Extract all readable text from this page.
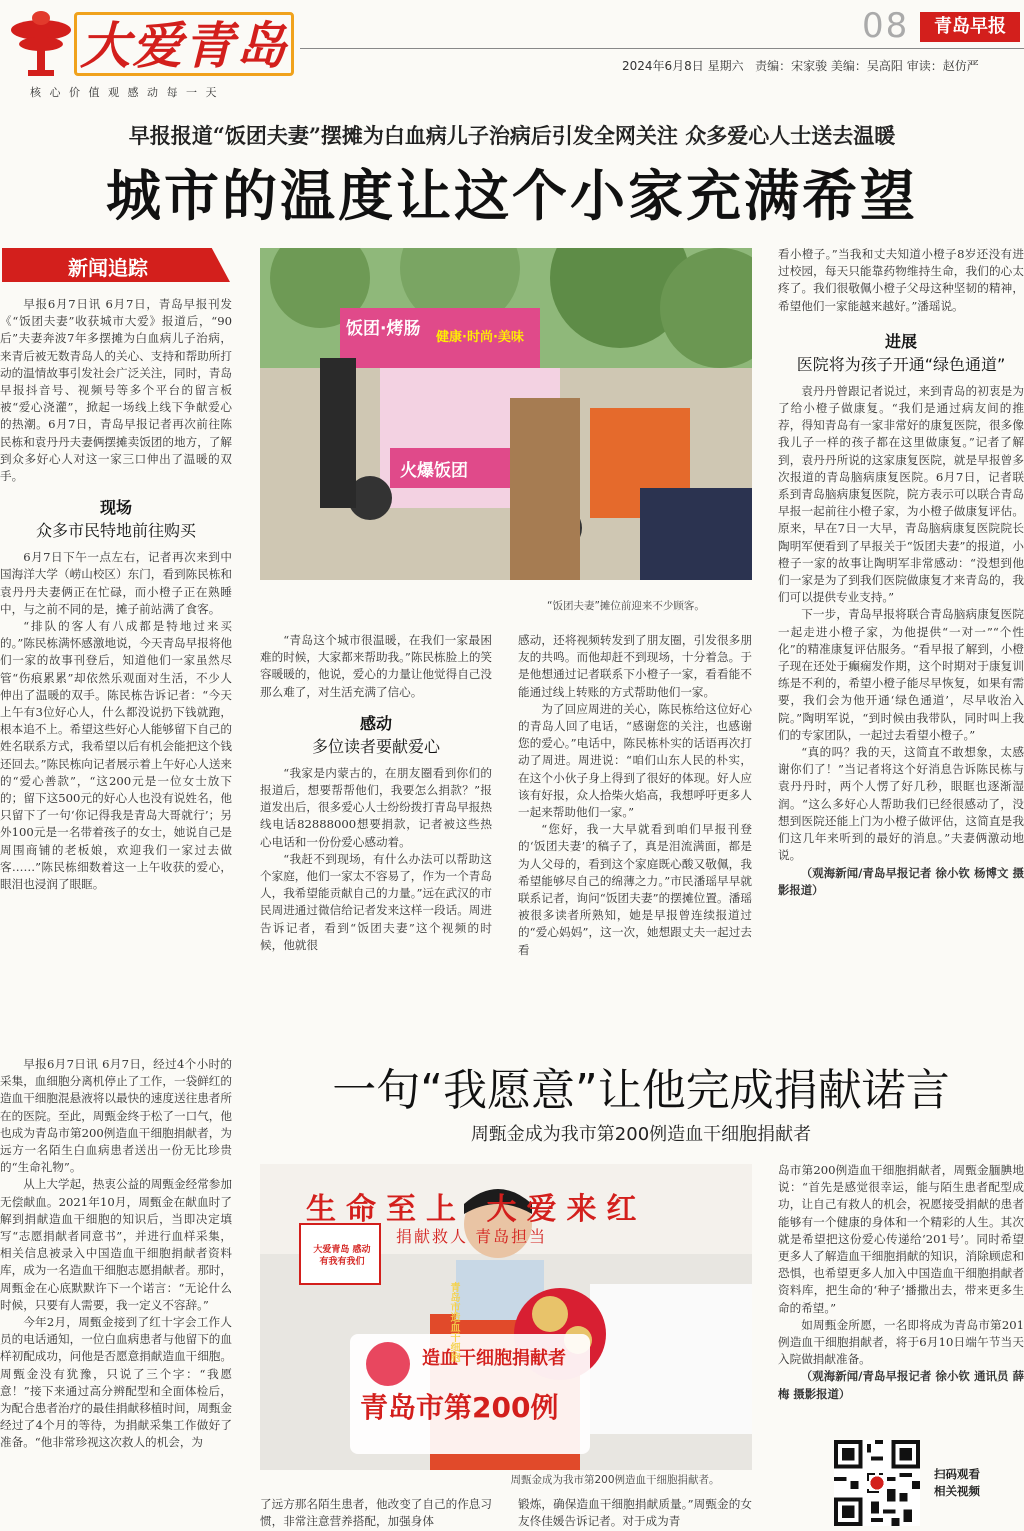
大爱青岛
核心价值观感动每一天
08	青岛早报
2024年6月8日 星期六 责编：宋家骏 美编：吴高阳 审读：赵仿严
早报报道“饭团夫妻”摆摊为白血病儿子治病后引发全网关注 众多爱心人士送去温暖
城市的温度让这个小家充满希望
新闻追踪

早报6月7日讯 6月7日，青岛早报刊发《“饭团夫妻”收获城市大爱》报道后，“90后”夫妻奔波7年多摆摊为白血病儿子治病，来青后被无数青岛人的关心、支持和帮助所打动的温情故事引发社会广泛关注，同时，青岛早报抖音号、视频号等多个平台的留言板被“爱心浇灌”，掀起一场线上线下争献爱心的热潮。6月7日，青岛早报记者再次前往陈民栋和袁丹丹夫妻俩摆摊卖饭团的地方，了解到众多好心人对这一家三口伸出了温暖的双手。

现场
众多市民特地前往购买

6月7日下午一点左右，记者再次来到中国海洋大学（崂山校区）东门，看到陈民栋和袁丹丹夫妻俩正在忙碌，而小橙子正在熟睡中，与之前不同的是，摊子前站满了食客。

“排队的客人有八成都是特地过来买的。”陈民栋满怀感激地说，今天青岛早报将他们一家的故事刊登后，知道他们一家虽然尽管“伤痕累累”却依然乐观面对生活，不少人伸出了温暖的双手。陈民栋告诉记者：“今天上午有3位好心人，什么都没说扔下钱就跑，根本追不上。希望这些好心人能够留下自己的姓名联系方式，我希望以后有机会能把这个钱还回去。”陈民栋向记者展示着上午好心人送来的“爱心善款”，“这200元是一位女士放下的；留下这500元的好心人也没有说姓名，他只留下了一句‘你记得我是青岛大哥就行’；另外100元是一名带着孩子的女士，她说自己是周围商铺的老板娘，欢迎我们一家过去做客……”陈民栋细数着这一上午收获的爱心，眼泪也浸润了眼眶。

饭团·烤肠 健康·时尚·美味
火爆饭团
“饭团夫妻”摊位前迎来不少顾客。

“青岛这个城市很温暖，在我们一家最困难的时候，大家都来帮助我。”陈民栋脸上的笑容暖暖的，他说，爱心的力量让他觉得自己没那么难了，对生活充满了信心。

感动
多位读者要献爱心

“我家是内蒙古的，在朋友圈看到你们的报道后，想要帮帮他们，我要怎么捐款？”报道发出后，很多爱心人士纷纷拨打青岛早报热线电话82888000想要捐款，记者被这些热心电话和一份份爱心感动着。

“我赶不到现场，有什么办法可以帮助这个家庭，他们一家太不容易了，作为一个青岛人，我希望能贡献自己的力量。”远在武汉的市民周进通过微信给记者发来这样一段话。周进告诉记者，看到“饭团夫妻”这个视频的时候，他就很

感动，还将视频转发到了朋友圈，引发很多朋友的共鸣。而他却赶不到现场，十分着急。于是他想通过记者联系下小橙子一家，看看能不能通过线上转账的方式帮助他们一家。

为了回应周进的关心，陈民栋给这位好心的青岛人回了电话，“感谢您的关注，也感谢您的爱心。”电话中，陈民栋朴实的话语再次打动了周进。周进说：“咱们山东人民的朴实，在这个小伙子身上得到了很好的体现。好人应该有好报，众人拾柴火焰高，我想呼吁更多人一起来帮助他们一家。”

“您好，我一大早就看到咱们早报刊登的‘饭团夫妻’的稿子了，真是泪流满面，都是为人父母的，看到这个家庭既心酸又敬佩，我希望能够尽自己的绵薄之力。”市民潘瑶早早就联系记者，询问“饭团夫妻”的摆摊位置。潘瑶被很多读者所熟知，她是早报曾连续报道过的“爱心妈妈”，这一次，她想跟丈夫一起过去看

看小橙子。”当我和丈夫知道小橙子8岁还没有进过校园，每天只能靠药物维持生命，我们的心太疼了。我们很敬佩小橙子父母这种坚韧的精神，希望他们一家能越来越好。”潘瑶说。

进展
医院将为孩子开通“绿色通道”

袁丹丹曾跟记者说过，来到青岛的初衷是为了给小橙子做康复。“我们是通过病友间的推荐，得知青岛有一家非常好的康复医院，很多像我儿子一样的孩子都在这里做康复。”记者了解到，袁丹丹所说的这家康复医院，就是早报曾多次报道的青岛脑病康复医院。6月7日，记者联系到青岛脑病康复医院，院方表示可以联合青岛早报一起前往小橙子家，为小橙子做康复评估。原来，早在7日一大早，青岛脑病康复医院院长陶明军便看到了早报关于“饭团夫妻”的报道，小橙子一家的故事让陶明军非常感动：“没想到他们一家是为了到我们医院做康复才来青岛的，我们可以提供专业支持。”

下一步，青岛早报将联合青岛脑病康复医院一起走进小橙子家，为他提供“一对一”“个性化”的精准康复评估服务。“看早报了解到，小橙子现在还处于癫痫发作期，这个时期对于康复训练是不利的，希望小橙子能尽早恢复，如果有需要，我们会为他开通‘绿色通道’，尽早收治入院。”陶明军说，“到时候由我带队，同时叫上我们的专家团队，一起过去看望小橙子。”

“真的吗？我的天，这简直不敢想象，太感谢你们了！”当记者将这个好消息告诉陈民栋与袁丹丹时，两个人愣了好几秒，眼眶也逐渐湿润。“这么多好心人帮助我们已经很感动了，没想到医院还能上门为小橙子做评估，这简直是我们这几年来听到的最好的消息。”夫妻俩激动地说。

（观海新闻/青岛早报记者 徐小钦 杨博文 摄影报道）

早报6月7日讯 6月7日，经过4个小时的采集，血细胞分离机停止了工作，一袋鲜红的造血干细胞混悬液将以最快的速度送往患者所在的医院。至此，周甄金终于松了一口气，他也成为青岛市第200例造血干细胞捐献者，为远方一名陌生白血病患者送出一份无比珍贵的“生命礼物”。

从上大学起，热衷公益的周甄金经常参加无偿献血。2021年10月，周甄金在献血时了解到捐献造血干细胞的知识后，当即决定填写“志愿捐献者同意书”，并进行血样采集，相关信息被录入中国造血干细胞捐献者资料库，成为一名造血干细胞志愿捐献者。那时，周甄金在心底默默许下一个诺言：“无论什么时候，只要有人需要，我一定义不容辞。”

今年2月，周甄金接到了红十字会工作人员的电话通知，一位白血病患者与他留下的血样初配成功，问他是否愿意捐献造血干细胞。周甄金没有犹豫，只说了三个字：“我愿意！”接下来通过高分辨配型和全面体检后，为配合患者治疗的最佳捐献移植时间，周甄金经过了4个月的等待，为捐献采集工作做好了准备。“他非常珍视这次救人的机会，为

一句“我愿意”让他完成捐献诺言
周甄金成为我市第200例造血干细胞捐献者
生命至上 大爱来红
捐献救人 青岛担当
大爱青岛 感动有我有我们
造血干细胞捐献者
青岛市第200例
青岛市造血干细胞
周甄金成为我市第200例造血干细胞捐献者。

了远方那名陌生患者，他改变了自己的作息习惯，非常注意营养搭配，加强身体

锻炼，确保造血干细胞捐献质量。”周甄金的女友佟佳媛告诉记者。对于成为青

岛市第200例造血干细胞捐献者，周甄金腼腆地说：“首先是感觉很幸运，能与陌生患者配型成功，让自己有救人的机会，祝愿接受捐献的患者能够有一个健康的身体和一个精彩的人生。其次就是希望把这份爱心传递给‘201号’。同时希望更多人了解造血干细胞捐献的知识，消除顾虑和恐惧，也希望更多人加入中国造血干细胞捐献者资料库，把生命的‘种子’播撒出去，带来更多生命的希望。”

如周甄金所愿，一名即将成为青岛市第201例造血干细胞捐献者，将于6月10日端午节当天入院做捐献准备。

（观海新闻/青岛早报记者 徐小钦 通讯员 薛梅 摄影报道）

扫码观看
相关视频
